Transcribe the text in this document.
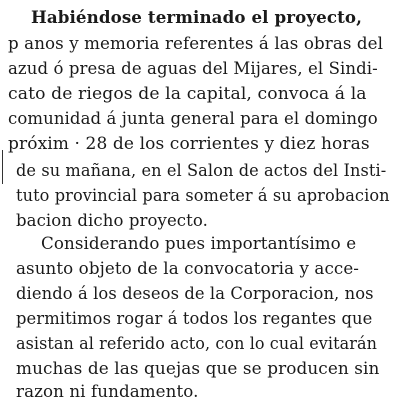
Habiéndose terminado el proyecto,
p anos y memoria referentes á las obras del
azud ó presa de aguas del Mijares, el Sindi-
cato de riegos de la capital, convoca á la
comunidad á junta general para el domingo
próxim · 28 de los corrientes y diez horas
de su mañana, en el Salon de actos del Insti-
tuto provincial para someter á su aprobacion
bacion dicho proyecto.
Considerando pues importantísimo e
asunto objeto de la convocatoria y acce-
diendo á los deseos de la Corporacion, nos
permitimos rogar á todos los regantes que
asistan al referido acto, con lo cual evitarán
muchas de las quejas que se producen sin
razon ni fundamento.
